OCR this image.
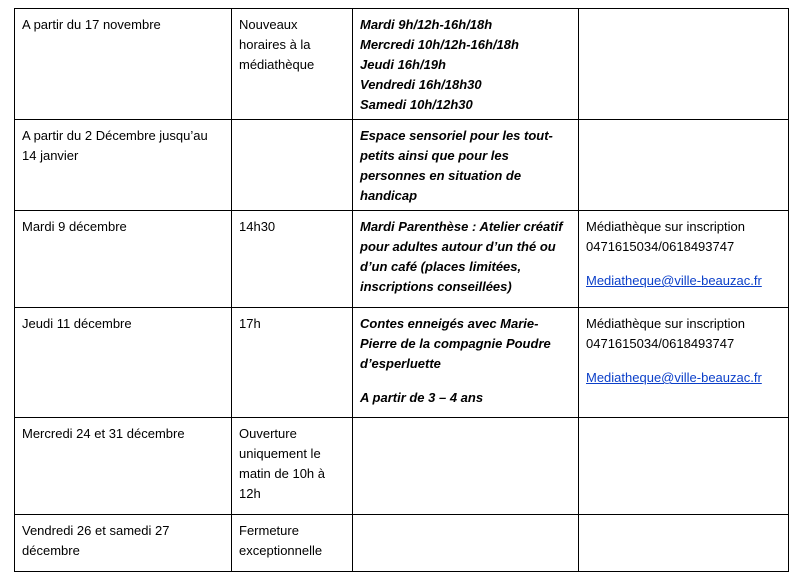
A partir du 17 novembre	Nouveaux horaires à la médiathèque	Mardi 9h/12h-16h/18h
Mercredi 10h/12h-16h/18h
Jeudi 16h/19h
Vendredi 16h/18h30
Samedi 10h/12h30	

A partir du 2 Décembre jusqu’au 14 janvier		Espace sensoriel pour les tout-petits ainsi que pour les personnes en situation de handicap	
Mardi 9 décembre	14h30	Mardi Parenthèse : Atelier créatif pour adultes autour d’un thé ou d’un café (places limitées, inscriptions conseillées)	Médiathèque sur inscription
0471615034/0618493747
Mediatheque@ville-beauzac.fr
Jeudi 11 décembre	17h	Contes enneigés avec Marie-Pierre de la compagnie Poudre d’esperluette
A partir de 3 – 4 ans	Médiathèque sur inscription
0471615034/0618493747
Mediatheque@ville-beauzac.fr
Mercredi 24 et 31 décembre	Ouverture uniquement le matin de 10h à 12h		
Vendredi 26 et samedi 27 décembre	Fermeture exceptionnelle		
